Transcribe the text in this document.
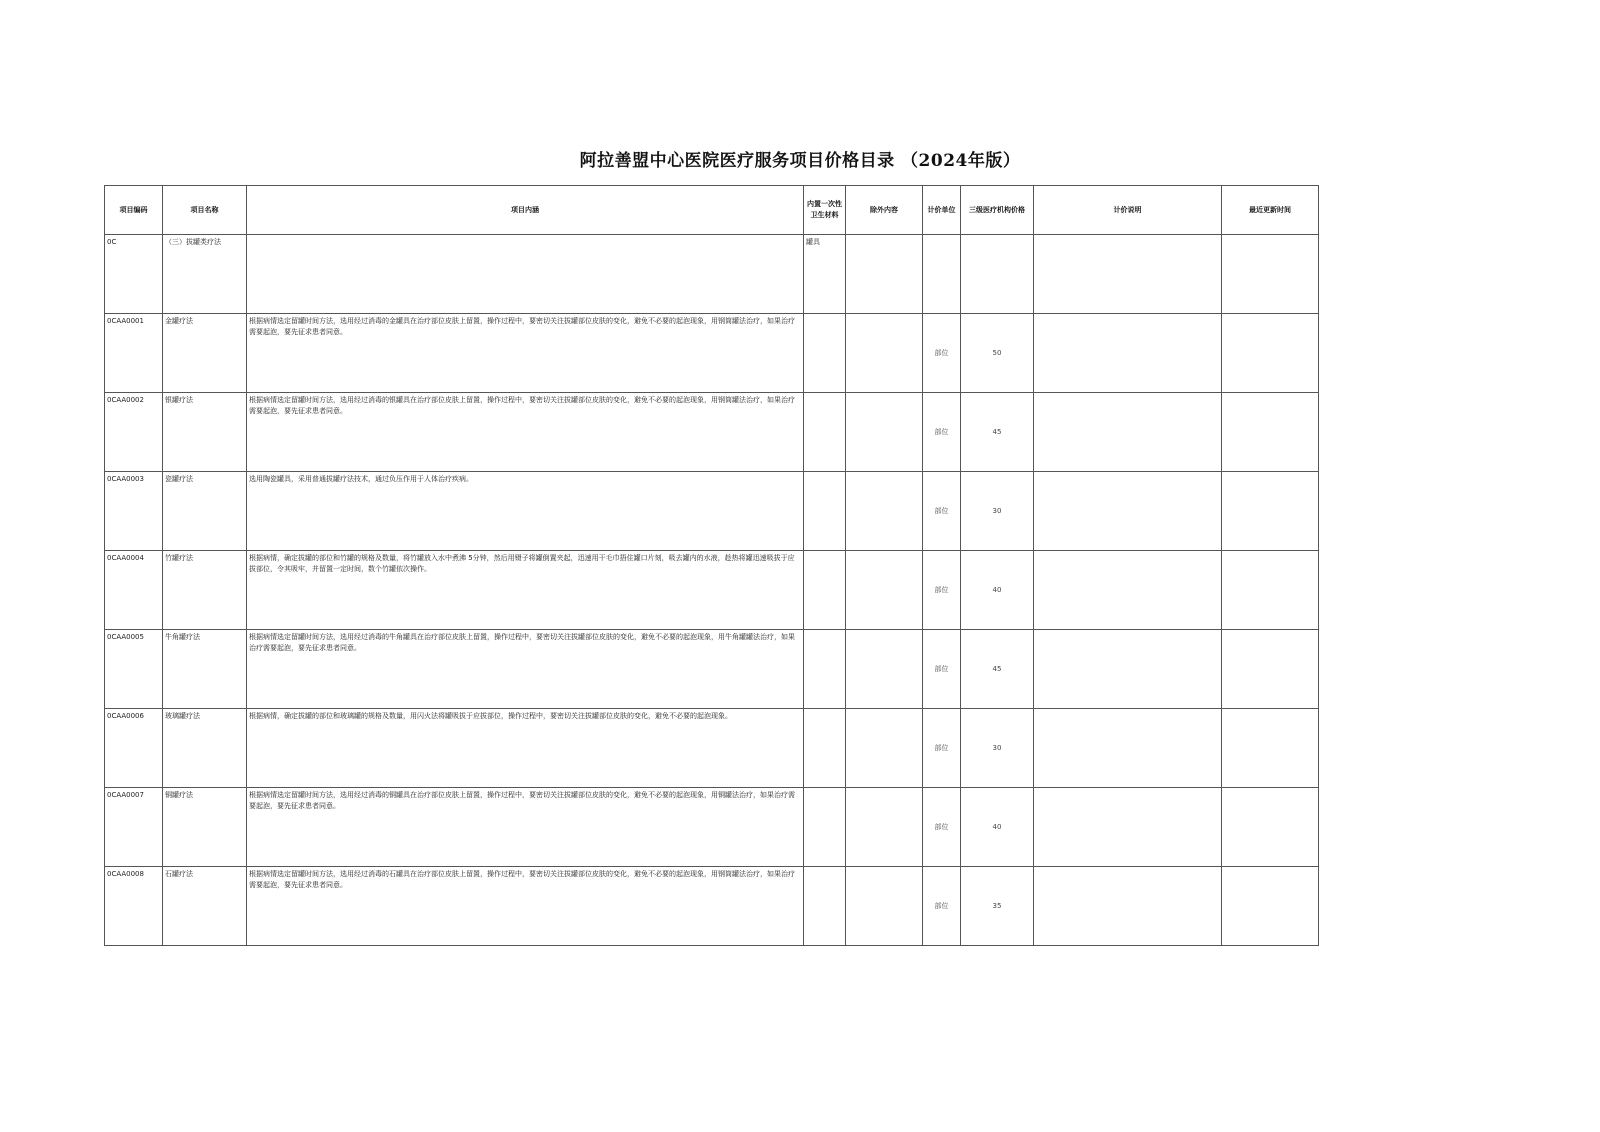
阿拉善盟中心医院医疗服务项目价格目录 （2024年版）
项目编码	项目名称	项目内涵	内置一次性卫生材料	除外内容	计价单位	三级医疗机构价格	计价说明	最近更新时间
0C	（三）拔罐类疗法		罐具					
0CAA0001	金罐疗法	根据病情选定留罐时间方法，选用经过消毒的金罐具在治疗部位皮肤上留置，操作过程中，要密切关注拔罐部位皮肤的变化，避免不必要的起泡现象，用钢筒罐法治疗，如果治疗需要起泡，要先征求患者同意。			部位	50		
0CAA0002	银罐疗法	根据病情选定留罐时间方法，选用经过消毒的银罐具在治疗部位皮肤上留置，操作过程中，要密切关注拔罐部位皮肤的变化，避免不必要的起泡现象，用钢筒罐法治疗，如果治疗需要起泡，要先征求患者同意。			部位	45		
0CAA0003	瓷罐疗法	选用陶瓷罐具，采用普通拔罐疗法技术，通过负压作用于人体治疗疾病。			部位	30		
0CAA0004	竹罐疗法	根据病情，确定拔罐的部位和竹罐的规格及数量，将竹罐放入水中煮沸 5分钟，然后用镊子将罐倒置夹起，迅速用干毛巾捂住罐口片刻，吸去罐内的水液，趁热将罐迅速吸拔于应拔部位，令其吸牢，并留置一定时间，数个竹罐依次操作。			部位	40		
0CAA0005	牛角罐疗法	根据病情选定留罐时间方法，选用经过消毒的牛角罐具在治疗部位皮肤上留置，操作过程中，要密切关注拔罐部位皮肤的变化，避免不必要的起泡现象，用牛角罐罐法治疗，如果治疗需要起泡，要先征求患者同意。			部位	45		
0CAA0006	玻璃罐疗法	根据病情，确定拔罐的部位和玻璃罐的规格及数量，用闪火法将罐吸拔于应拔部位，操作过程中，要密切关注拔罐部位皮肤的变化，避免不必要的起泡现象。			部位	30		
0CAA0007	铜罐疗法	根据病情选定留罐时间方法，选用经过消毒的铜罐具在治疗部位皮肤上留置，操作过程中，要密切关注拔罐部位皮肤的变化，避免不必要的起泡现象，用铜罐法治疗，如果治疗需要起泡，要先征求患者同意。			部位	40		
0CAA0008	石罐疗法	根据病情选定留罐时间方法，选用经过消毒的石罐具在治疗部位皮肤上留置，操作过程中，要密切关注拔罐部位皮肤的变化，避免不必要的起泡现象，用钢筒罐法治疗，如果治疗需要起泡，要先征求患者同意。			部位	35		
